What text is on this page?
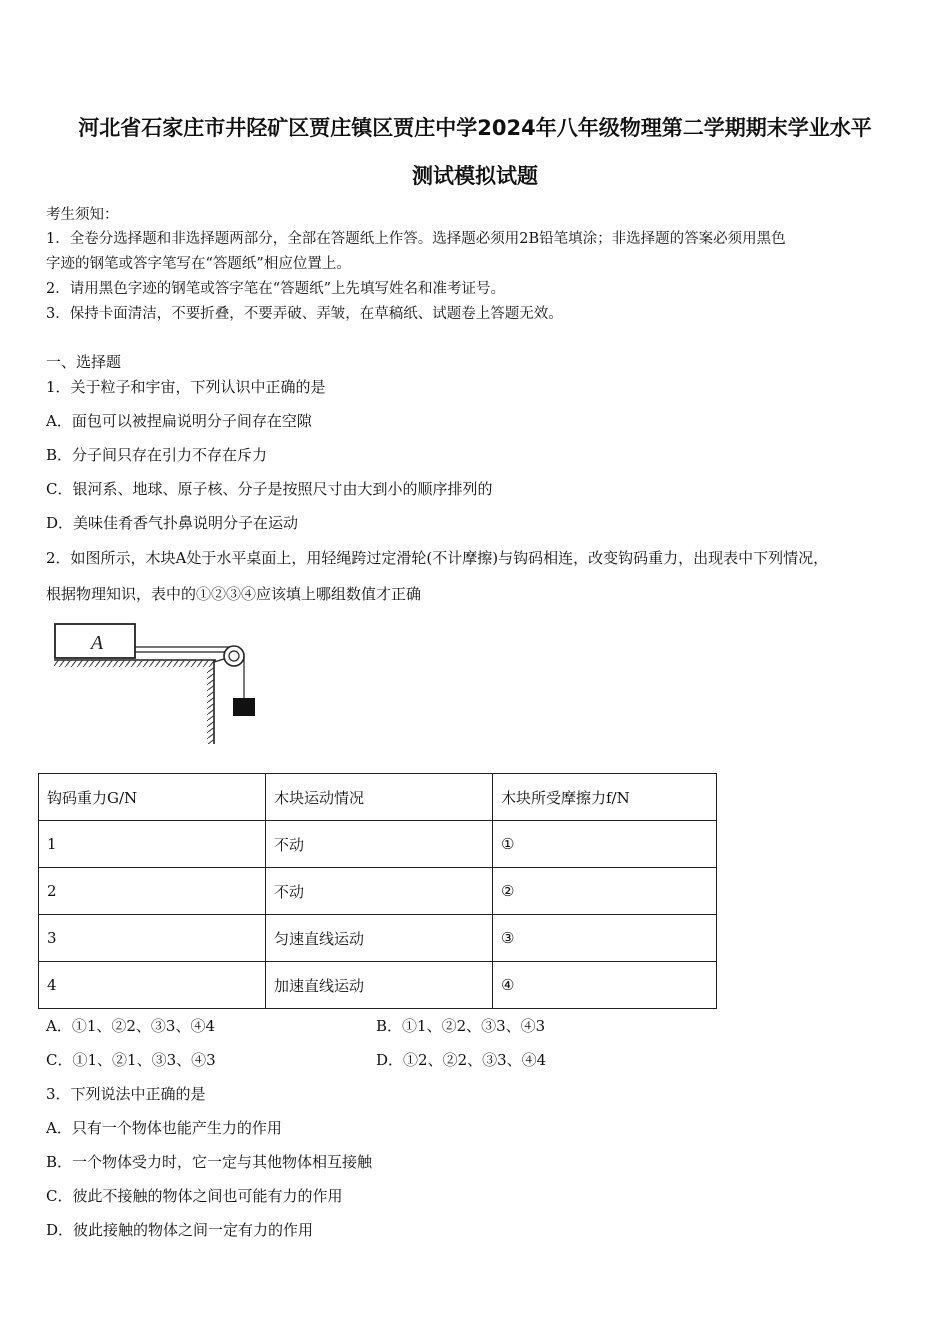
河北省石家庄市井陉矿区贾庄镇区贾庄中学2024年八年级物理第二学期期末学业水平
测试模拟试题
考生须知：
1．全卷分选择题和非选择题两部分，全部在答题纸上作答。选择题必须用2B铅笔填涂；非选择题的答案必须用黑色
字迹的钢笔或答字笔写在“答题纸”相应位置上。
2．请用黑色字迹的钢笔或答字笔在“答题纸”上先填写姓名和准考证号。
3．保持卡面清洁，不要折叠，不要弄破、弄皱，在草稿纸、试题卷上答题无效。
一、选择题
1．关于粒子和宇宙，下列认识中正确的是
A．面包可以被捏扁说明分子间存在空隙
B．分子间只存在引力不存在斥力
C．银河系、地球、原子核、分子是按照尺寸由大到小的顺序排列的
D．美味佳肴香气扑鼻说明分子在运动
2．如图所示，木块A处于水平桌面上，用轻绳跨过定滑轮(不计摩擦)与钩码相连，改变钩码重力，出现表中下列情况，
根据物理知识，表中的①②③④应该填上哪组数值才正确
A
钩码重力G/N	木块运动情况	木块所受摩擦力f/N
1	不动	①
2	不动	②
3	匀速直线运动	③
4	加速直线运动	④
A．①1、②2、③3、④4	B．①1、②2、③3、④3
C．①1、②1、③3、④3	D．①2、②2、③3、④4
3．下列说法中正确的是
A．只有一个物体也能产生力的作用
B．一个物体受力时，它一定与其他物体相互接触
C．彼此不接触的物体之间也可能有力的作用
D．彼此接触的物体之间一定有力的作用
